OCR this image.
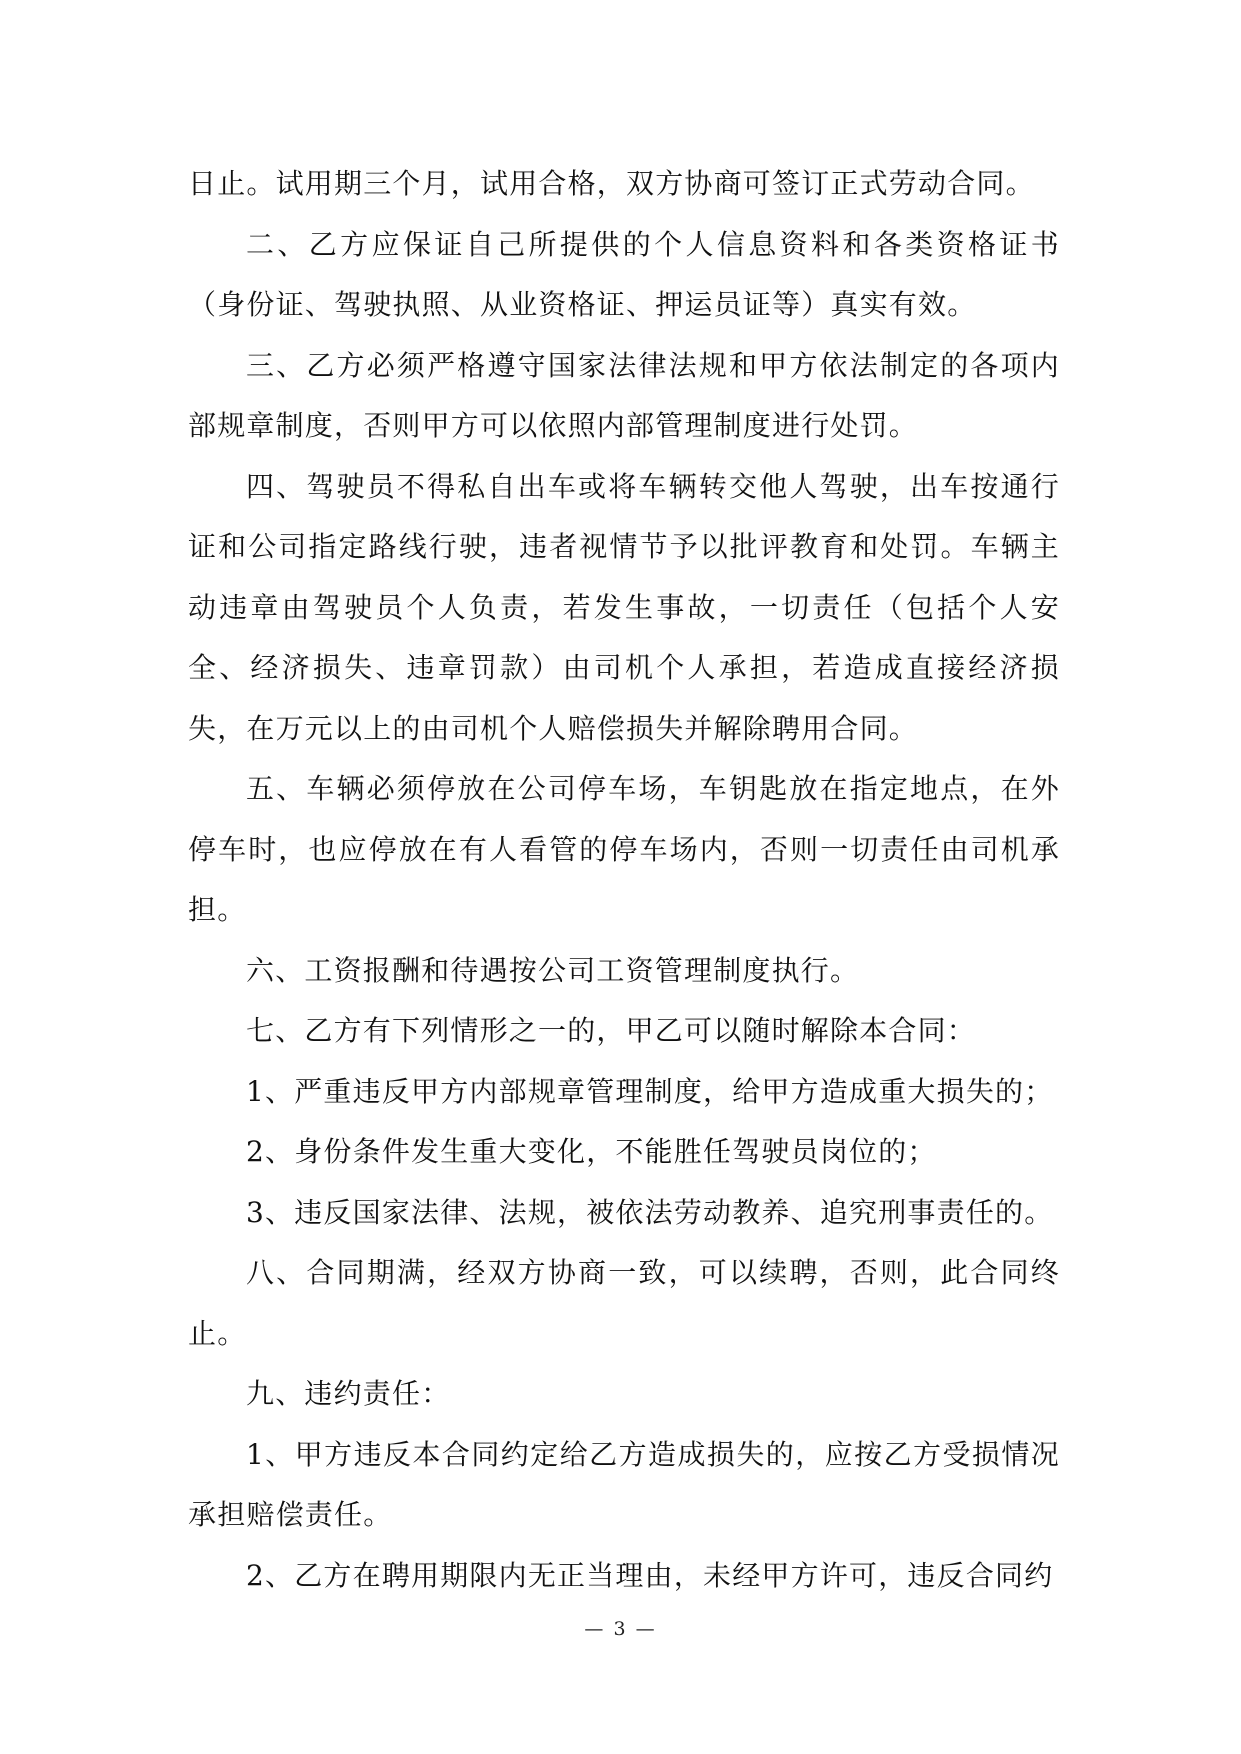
日止。试用期三个月，试用合格，双方协商可签订正式劳动合同。

二、乙方应保证自己所提供的个人信息资料和各类资格证书（身份证、驾驶执照、从业资格证、押运员证等）真实有效。

三、乙方必须严格遵守国家法律法规和甲方依法制定的各项内部规章制度，否则甲方可以依照内部管理制度进行处罚。

四、驾驶员不得私自出车或将车辆转交他人驾驶，出车按通行证和公司指定路线行驶，违者视情节予以批评教育和处罚。车辆主动违章由驾驶员个人负责，若发生事故，一切责任（包括个人安全、经济损失、违章罚款）由司机个人承担，若造成直接经济损失，在万元以上的由司机个人赔偿损失并解除聘用合同。

五、车辆必须停放在公司停车场，车钥匙放在指定地点，在外停车时，也应停放在有人看管的停车场内，否则一切责任由司机承担。

六、工资报酬和待遇按公司工资管理制度执行。

七、乙方有下列情形之一的，甲乙可以随时解除本合同：

1、严重违反甲方内部规章管理制度，给甲方造成重大损失的；

2、身份条件发生重大变化，不能胜任驾驶员岗位的；

3、违反国家法律、法规，被依法劳动教养、追究刑事责任的。

八、合同期满，经双方协商一致，可以续聘，否则，此合同终止。

九、违约责任：

1、甲方违反本合同约定给乙方造成损失的，应按乙方受损情况承担赔偿责任。

2、乙方在聘用期限内无正当理由，未经甲方许可，违反合同约

— 3 —
